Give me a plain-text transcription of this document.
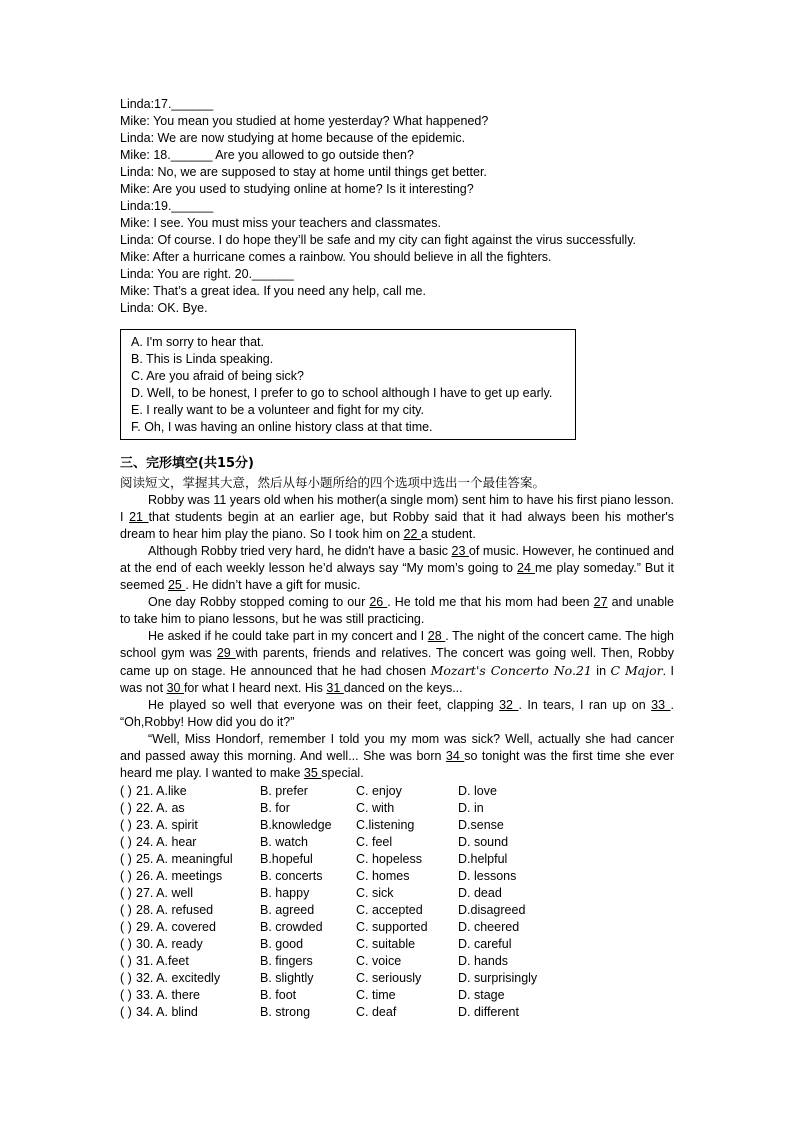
Linda:17.______
Mike: You mean you studied at home yesterday? What happened?
Linda: We are now studying at home because of the epidemic.
Mike: 18.______ Are you allowed to go outside then?
Linda: No, we are supposed to stay at home until things get better.
Mike: Are you used to studying online at home? Is it interesting?
Linda:19.______
Mike: I see. You must miss your teachers and classmates.
Linda: Of course. I do hope they’ll be safe and my city can fight against the virus successfully.
Mike: After a hurricane comes a rainbow. You should believe in all the fighters.
Linda: You are right. 20.______
Mike: That’s a great idea. If you need any help, call me.
Linda: OK. Bye.
A. I'm sorry to hear that.
B. This is Linda speaking.
C. Are you afraid of being sick?
D. Well, to be honest, I prefer to go to school although I have to get up early.
E. I really want to be a volunteer and fight for my city.
F. Oh, I was having an online history class at that time.
三、完形填空(共15分)
阅读短文，掌握其大意，然后从每小题所给的四个选项中选出一个最佳答案。

Robby was 11 years old when his mother(a single mom) sent him to have his first piano lesson. I 21 that students begin at an earlier age, but Robby said that it had always been his mother's dream to hear him play the piano. So I took him on 22 a student.

Although Robby tried very hard, he didn't have a basic 23 of music. However, he continued and at the end of each weekly lesson he’d always say “My mom’s going to 24 me play someday.” But it seemed 25 . He didn’t have a gift for music.

One day Robby stopped coming to our 26 . He told me that his mom had been 27 and unable to take him to piano lessons, but he was still practicing.

He asked if he could take part in my concert and I 28 . The night of the concert came. The high school gym was 29 with parents, friends and relatives. The concert was going well. Then, Robby came up on stage. He announced that he had chosen Mozart's Concerto No.21 in C Major. I was not 30 for what I heard next. His 31 danced on the keys...

He played so well that everyone was on their feet, clapping 32 . In tears, I ran up on 33 . “Oh,Robby! How did you do it?”

“Well, Miss Hondorf, remember I told you my mom was sick? Well, actually she had cancer and passed away this morning. And well... She was born 34 so tonight was the first time she ever heard me play. I wanted to make 35 special.

( ) 21. A.like	B. prefer	C. enjoy	D. love
( ) 22. A. as	B. for	C. with	D. in
( ) 23. A. spirit	B.knowledge C.listening	D.sense
( ) 24. A. hear	B. watch	C. feel	D. sound
( ) 25. A. meaningful B.hopeful	C. hopeless	D.helpful
( ) 26. A. meetings	B. concerts	C. homes	D. lessons
( ) 27. A. well	B. happy	C. sick	D. dead
( ) 28. A. refused	B. agreed	C. accepted	D.disagreed
( ) 29. A. covered	B. crowded	C. supported D. cheered
( ) 30. A. ready	B. good	C. suitable	D. careful
( ) 31. A.feet	B. fingers	C. voice	D. hands
( ) 32. A. excitedly	B. slightly	C. seriously	D. surprisingly
( ) 33. A. there	B. foot	C. time	D. stage
( ) 34. A. blind	B. strong	C. deaf	D. different
